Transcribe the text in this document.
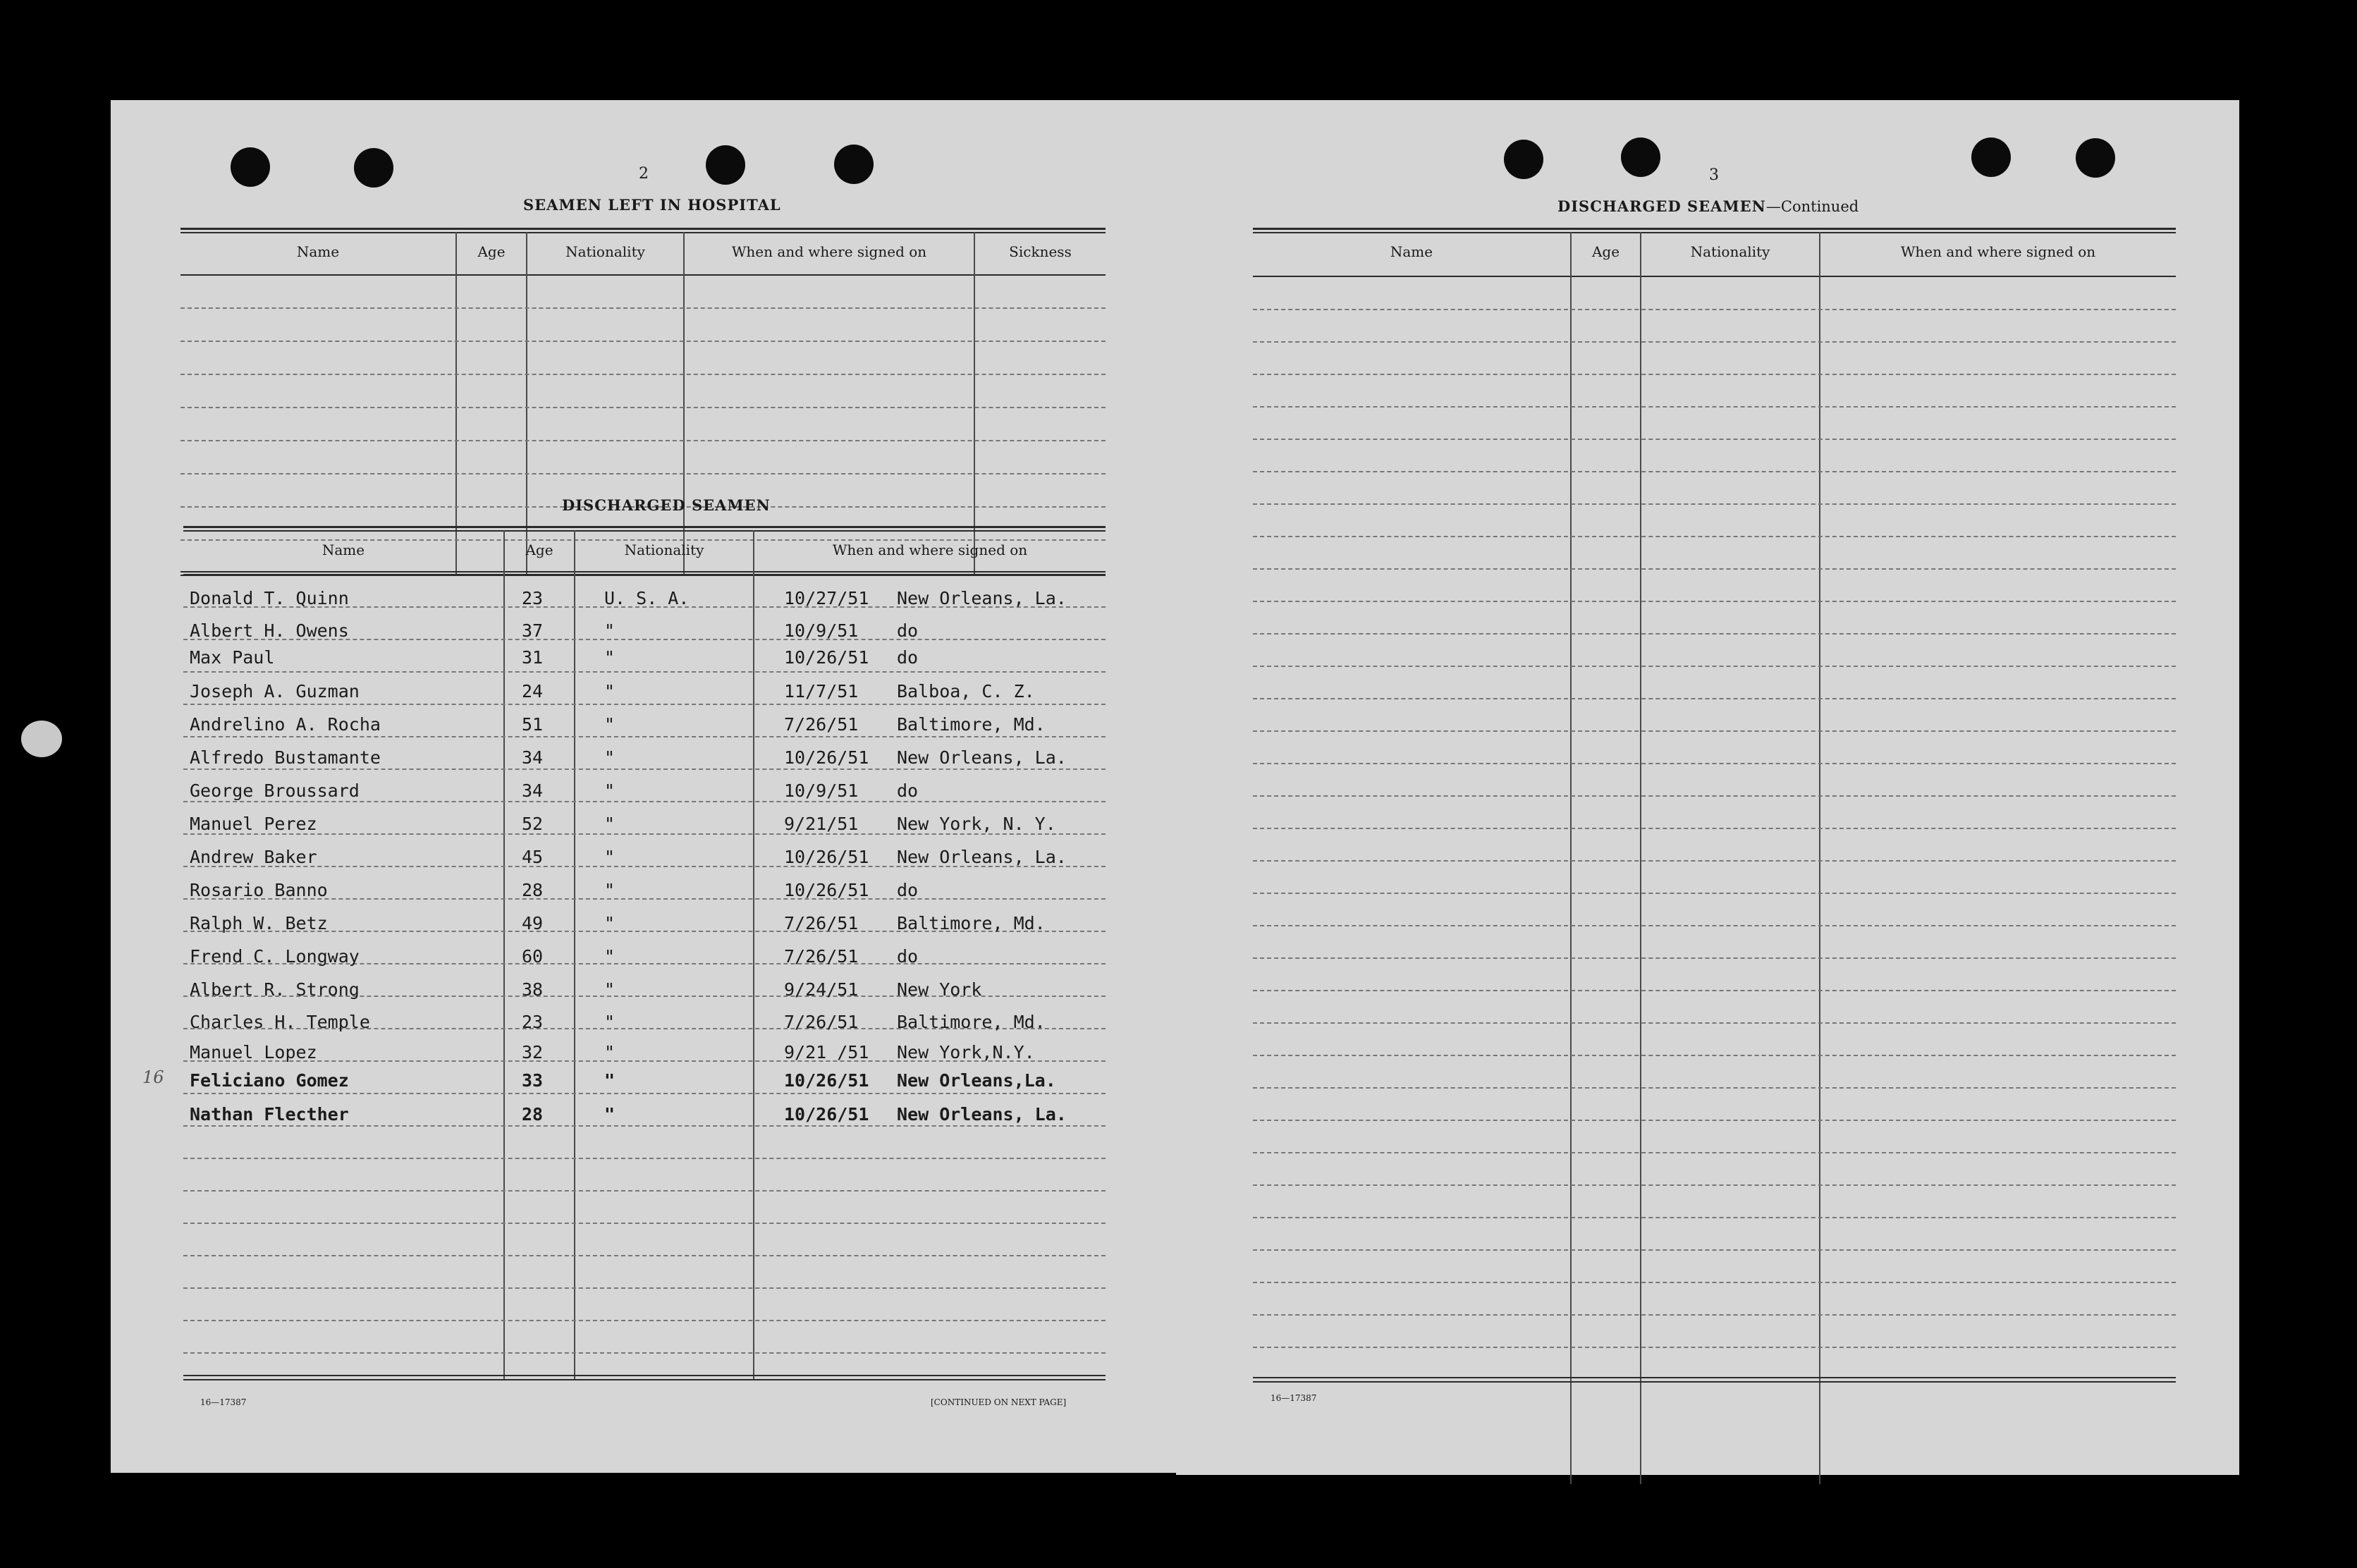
2
SEAMEN LEFT IN HOSPITAL
Name	Age	Nationality	When and where signed on	Sickness
DISCHARGED SEAMEN
Name	Age	Nationality	When and where signed on
Donald T. Quinn	23	U. S. A.	10/27/51 New Orleans, La.
Albert H. Owens	37	"	10/9/51 do
Max Paul	31	"	10/26/51 do
Joseph A. Guzman	24	"	11/7/51 Balboa, C. Z.
Andrelino A. Rocha	51	"	7/26/51 Baltimore, Md.
Alfredo Bustamante	34	"	10/26/51 New Orleans, La.
George Broussard	34	"	10/9/51 do
Manuel Perez	52	"	9/21/51 New York, N. Y.
Andrew Baker	45	"	10/26/51 New Orleans, La.
Rosario Banno	28	"	10/26/51 do
Ralph W. Betz	49	"	7/26/51 Baltimore, Md.
Frend C. Longway	60	"	7/26/51 do
Albert R. Strong	38	"	9/24/51 New York
Charles H. Temple	23	"	7/26/51 Baltimore, Md.
Manuel Lopez	32	"	9/21 /51 New York,N.Y.
Feliciano Gomez	33	"	10/26/51 New Orleans,La.
Nathan Flecther	28	"	10/26/51 New Orleans, La.
16
16—17387	[CONTINUED ON NEXT PAGE]
3
DISCHARGED SEAMEN—Continued
Name	Age	Nationality	When and where signed on
16—17387
